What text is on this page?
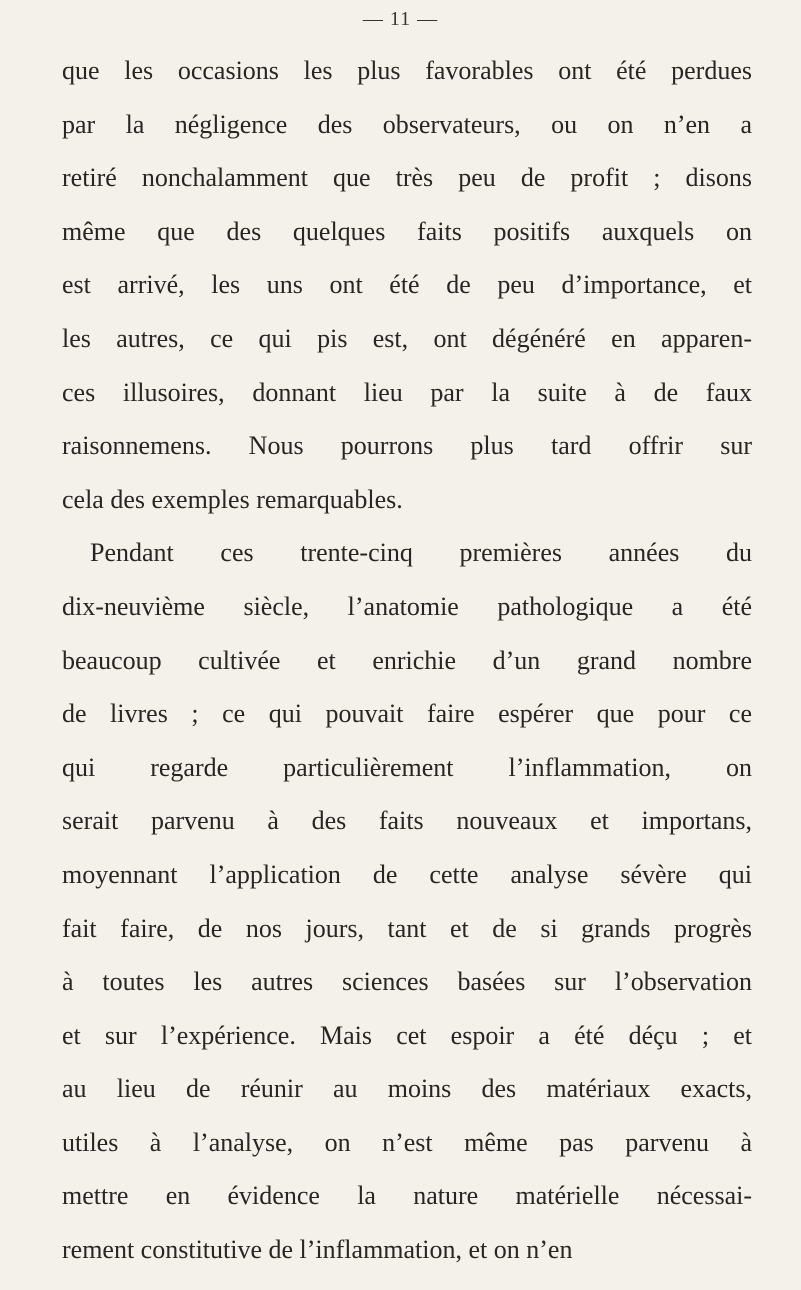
— 11 —
que les occasions les plus favorables ont été perdues
par la négligence des observateurs, ou on n’en a
retiré nonchalamment que très peu de profit ; disons
même que des quelques faits positifs auxquels on
est arrivé, les uns ont été de peu d’importance, et
les autres, ce qui pis est, ont dégénéré en apparen-
ces illusoires, donnant lieu par la suite à de faux
raisonnemens. Nous pourrons plus tard offrir sur
cela des exemples remarquables.
Pendant ces trente-cinq premières années du
dix-neuvième siècle, l’anatomie pathologique a été
beaucoup cultivée et enrichie d’un grand nombre
de livres ; ce qui pouvait faire espérer que pour ce
qui regarde particulièrement l’inflammation, on
serait parvenu à des faits nouveaux et importans,
moyennant l’application de cette analyse sévère qui
fait faire, de nos jours, tant et de si grands progrès
à toutes les autres sciences basées sur l’observation
et sur l’expérience. Mais cet espoir a été déçu ; et
au lieu de réunir au moins des matériaux exacts,
utiles à l’analyse, on n’est même pas parvenu à
mettre en évidence la nature matérielle nécessai-
rement constitutive de l’inflammation, et on n’en
